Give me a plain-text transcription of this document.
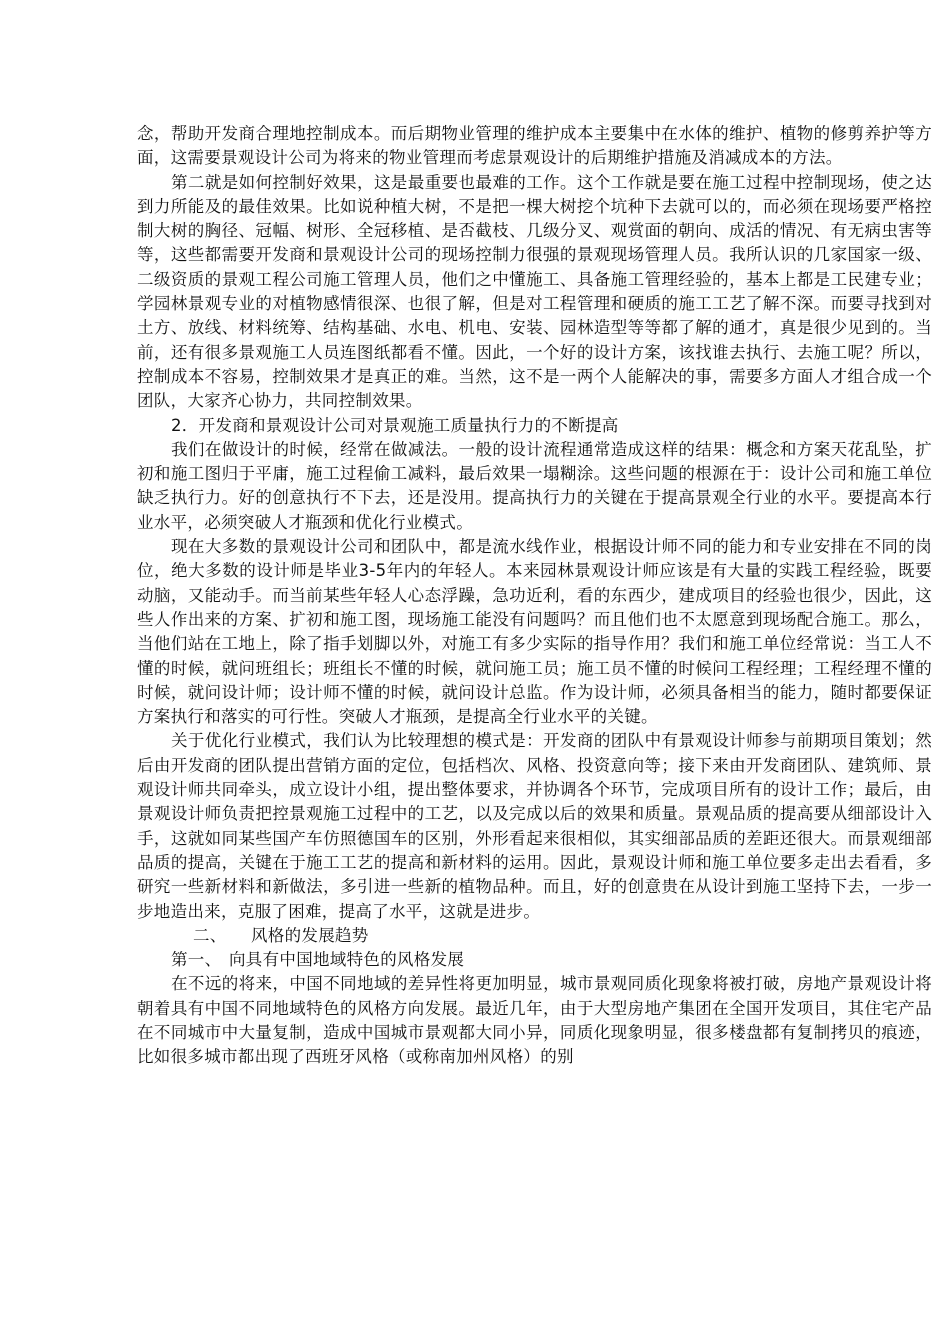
念，帮助开发商合理地控制成本。而后期物业管理的维护成本主要集中在水体的维护、植物的修剪养护等方面，这需要景观设计公司为将来的物业管理而考虑景观设计的后期维护措施及消减成本的方法。

第二就是如何控制好效果，这是最重要也最难的工作。这个工作就是要在施工过程中控制现场，使之达到力所能及的最佳效果。比如说种植大树，不是把一棵大树挖个坑种下去就可以的，而必须在现场要严格控制大树的胸径、冠幅、树形、全冠移植、是否截枝、几级分叉、观赏面的朝向、成活的情况、有无病虫害等等，这些都需要开发商和景观设计公司的现场控制力很强的景观现场管理人员。我所认识的几家国家一级、二级资质的景观工程公司施工管理人员，他们之中懂施工、具备施工管理经验的，基本上都是工民建专业；学园林景观专业的对植物感情很深、也很了解，但是对工程管理和硬质的施工工艺了解不深。而要寻找到对土方、放线、材料统筹、结构基础、水电、机电、安装、园林造型等等都了解的通才，真是很少见到的。当前，还有很多景观施工人员连图纸都看不懂。因此，一个好的设计方案，该找谁去执行、去施工呢？所以，控制成本不容易，控制效果才是真正的难。当然，这不是一两个人能解决的事，需要多方面人才组合成一个团队，大家齐心协力，共同控制效果。

2．开发商和景观设计公司对景观施工质量执行力的不断提高

我们在做设计的时候，经常在做减法。一般的设计流程通常造成这样的结果：概念和方案天花乱坠，扩初和施工图归于平庸，施工过程偷工减料，最后效果一塌糊涂。这些问题的根源在于：设计公司和施工单位缺乏执行力。好的创意执行不下去，还是没用。提高执行力的关键在于提高景观全行业的水平。要提高本行业水平，必须突破人才瓶颈和优化行业模式。

现在大多数的景观设计公司和团队中，都是流水线作业，根据设计师不同的能力和专业安排在不同的岗位，绝大多数的设计师是毕业3-5年内的年轻人。本来园林景观设计师应该是有大量的实践工程经验，既要动脑，又能动手。而当前某些年轻人心态浮躁，急功近利，看的东西少，建成项目的经验也很少，因此，这些人作出来的方案、扩初和施工图，现场施工能没有问题吗？而且他们也不太愿意到现场配合施工。那么，当他们站在工地上，除了指手划脚以外，对施工有多少实际的指导作用？我们和施工单位经常说：当工人不懂的时候，就问班组长；班组长不懂的时候，就问施工员；施工员不懂的时候问工程经理；工程经理不懂的时候，就问设计师；设计师不懂的时候，就问设计总监。作为设计师，必须具备相当的能力，随时都要保证方案执行和落实的可行性。突破人才瓶颈，是提高全行业水平的关键。

关于优化行业模式，我们认为比较理想的模式是：开发商的团队中有景观设计师参与前期项目策划；然后由开发商的团队提出营销方面的定位，包括档次、风格、投资意向等；接下来由开发商团队、建筑师、景观设计师共同牵头，成立设计小组，提出整体要求，并协调各个环节，完成项目所有的设计工作；最后，由景观设计师负责把控景观施工过程中的工艺，以及完成以后的效果和质量。景观品质的提高要从细部设计入手，这就如同某些国产车仿照德国车的区别，外形看起来很相似，其实细部品质的差距还很大。而景观细部品质的提高，关键在于施工工艺的提高和新材料的运用。因此，景观设计师和施工单位要多走出去看看，多研究一些新材料和新做法，多引进一些新的植物品种。而且，好的创意贵在从设计到施工坚持下去，一步一步地造出来，克服了困难，提高了水平，这就是进步。

二、 风格的发展趋势

第一、 向具有中国地域特色的风格发展

在不远的将来，中国不同地域的差异性将更加明显，城市景观同质化现象将被打破，房地产景观设计将朝着具有中国不同地域特色的风格方向发展。最近几年，由于大型房地产集团在全国开发项目，其住宅产品在不同城市中大量复制，造成中国城市景观都大同小异，同质化现象明显，很多楼盘都有复制拷贝的痕迹，比如很多城市都出现了西班牙风格（或称南加州风格）的别
